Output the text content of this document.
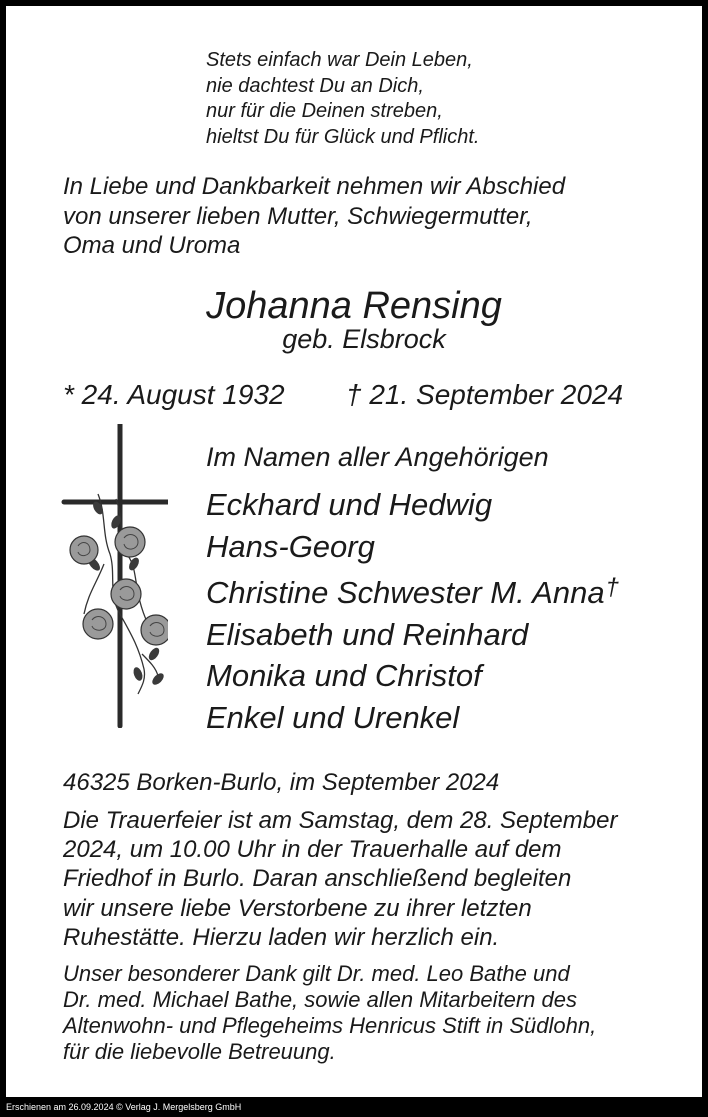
Stets einfach war Dein Leben,
nie dachtest Du an Dich,
nur für die Deinen streben,
hieltst Du für Glück und Pflicht.
In Liebe und Dankbarkeit nehmen wir Abschied
von unserer lieben Mutter, Schwiegermutter,
Oma und Uroma
Johanna Rensing
geb. Elsbrock
* 24. August 1932 † 21. September 2024
Im Namen aller Angehörigen
Eckhard und Hedwig
Hans-Georg
Christine Schwester M. Anna†
Elisabeth und Reinhard
Monika und Christof
Enkel und Urenkel
46325 Borken-Burlo, im September 2024
Die Trauerfeier ist am Samstag, dem 28. September
2024, um 10.00 Uhr in der Trauerhalle auf dem
Friedhof in Burlo. Daran anschließend begleiten
wir unsere liebe Verstorbene zu ihrer letzten
Ruhestätte. Hierzu laden wir herzlich ein.
Unser besonderer Dank gilt Dr. med. Leo Bathe und
Dr. med. Michael Bathe, sowie allen Mitarbeitern des
Altenwohn- und Pflegeheims Henricus Stift in Südlohn,
für die liebevolle Betreuung.
Erschienen am 26.09.2024 © Verlag J. Mergelsberg GmbH
